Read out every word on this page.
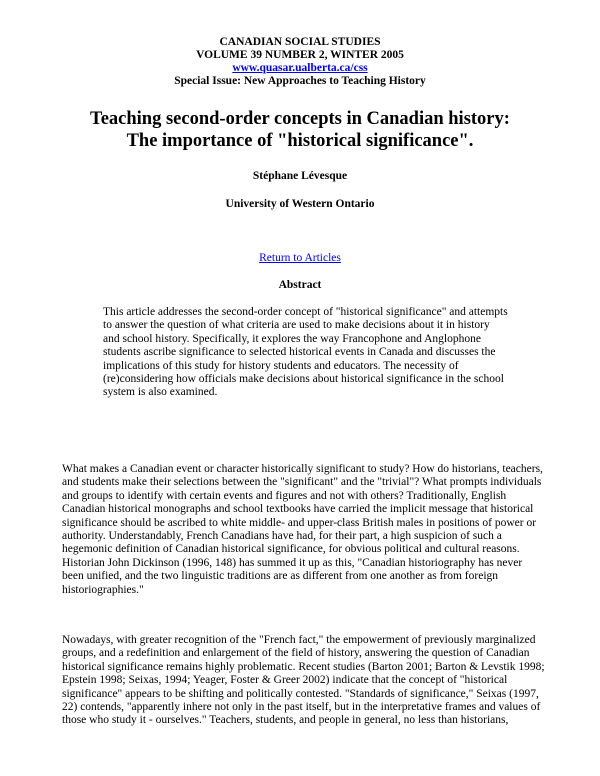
CANADIAN SOCIAL STUDIES
VOLUME 39 NUMBER 2, WINTER 2005
www.quasar.ualberta.ca/css
Special Issue: New Approaches to Teaching History
Teaching second-order concepts in Canadian history:
The importance of "historical significance".
Stéphane Lévesque
University of Western Ontario
Return to Articles
Abstract

This article addresses the second-order concept of "historical significance" and attempts to answer the question of what criteria are used to make decisions about it in history and school history. Specifically, it explores the way Francophone and Anglophone students ascribe significance to selected historical events in Canada and discusses the implications of this study for history students and educators. The necessity of (re)considering how officials make decisions about historical significance in the school system is also examined.

What makes a Canadian event or character historically significant to study? How do historians, teachers, and students make their selections between the "significant" and the "trivial"? What prompts individuals and groups to identify with certain events and figures and not with others? Traditionally, English Canadian historical monographs and school textbooks have carried the implicit message that historical significance should be ascribed to white middle- and upper-class British males in positions of power or authority. Understandably, French Canadians have had, for their part, a high suspicion of such a hegemonic definition of Canadian historical significance, for obvious political and cultural reasons. Historian John Dickinson (1996, 148) has summed it up as this, "Canadian historiography has never been unified, and the two linguistic traditions are as different from one another as from foreign historiographies."

Nowadays, with greater recognition of the "French fact," the empowerment of previously marginalized groups, and a redefinition and enlargement of the field of history, answering the question of Canadian historical significance remains highly problematic. Recent studies (Barton 2001; Barton & Levstik 1998; Epstein 1998; Seixas, 1994; Yeager, Foster & Greer 2002) indicate that the concept of "historical significance" appears to be shifting and politically contested. "Standards of significance," Seixas (1997, 22) contends, "apparently inhere not only in the past itself, but in the interpretative frames and values of those who study it - ourselves." Teachers, students, and people in general, no less than historians,
